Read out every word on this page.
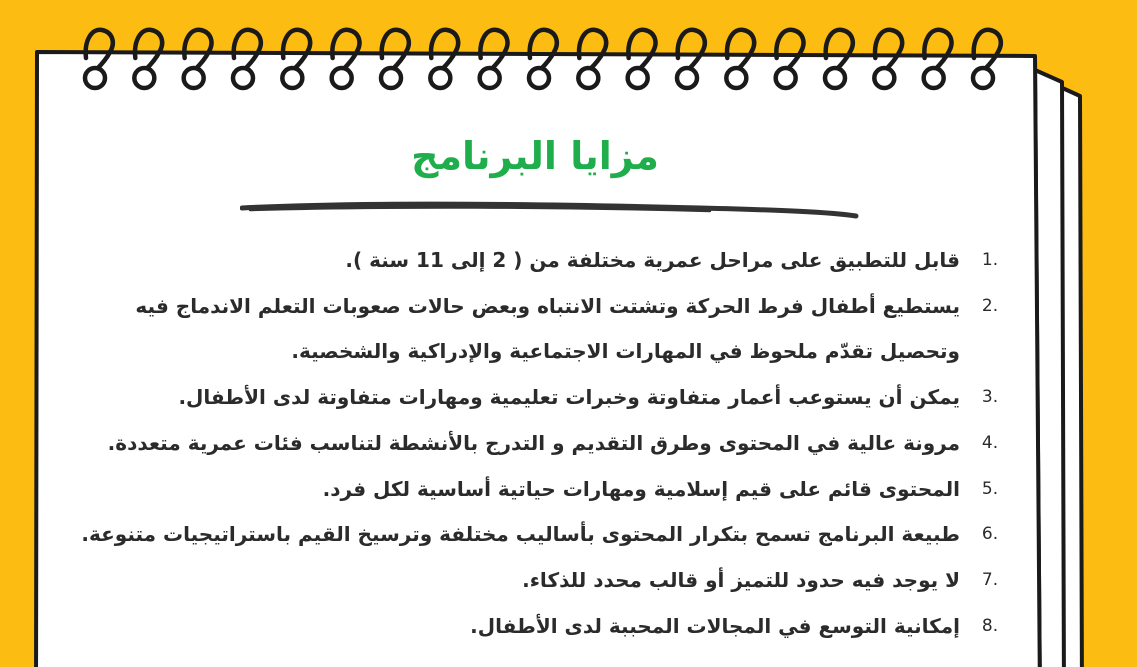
مزايا البرنامج
قابل للتطبيق على مراحل عمرية مختلفة من ( 2 إلى 11 سنة ).	1.
يستطيع أطفال فرط الحركة وتشتت الانتباه وبعض حالات صعوبات التعلم الاندماج فيه وتحصيل تقدّم ملحوظ في المهارات الاجتماعية والإدراكية والشخصية.
2.
يمكن أن يستوعب أعمار متفاوتة وخبرات تعليمية ومهارات متفاوتة لدى الأطفال.	3.
مرونة عالية في المحتوى وطرق التقديم و التدرج بالأنشطة لتناسب فئات عمرية متعددة.	4.
المحتوى قائم على قيم إسلامية ومهارات حياتية أساسية لكل فرد.	5.
طبيعة البرنامج تسمح بتكرار المحتوى بأساليب مختلفة وترسيخ القيم باستراتيجيات متنوعة.	6.
لا يوجد فيه حدود للتميز أو قالب محدد للذكاء.	7.
إمكانية التوسع في المجالات المحببة لدى الأطفال.	8.
